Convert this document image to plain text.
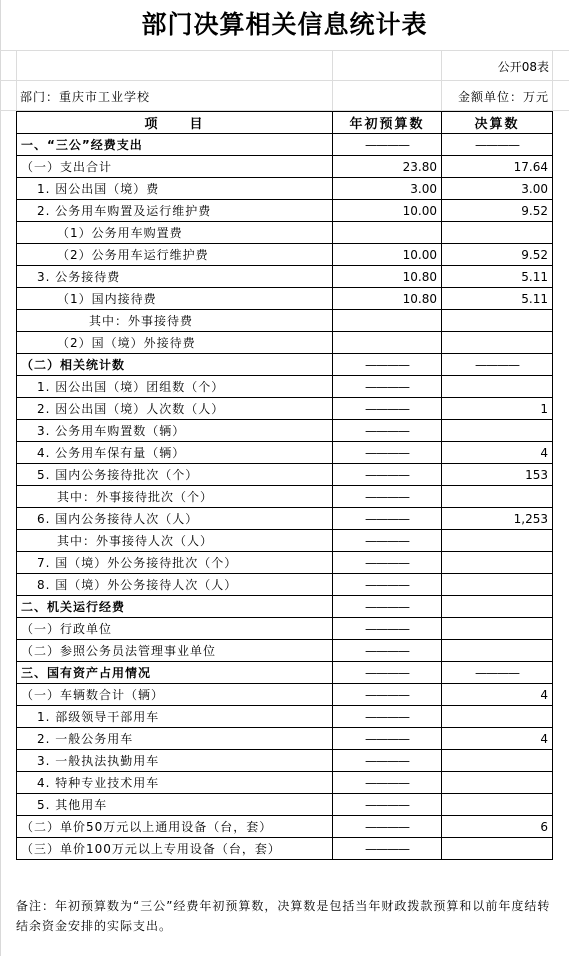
部门决算相关信息统计表
公开08表
部门：重庆市工业学校	金额单位：万元
项　　目	年初预算数	决算数
一、“三公”经费支出	————	————
（一）支出合计	23.80	17.64
1. 因公出国（境）费	3.00	3.00
2. 公务用车购置及运行维护费	10.00	9.52
（1）公务用车购置费		
（2）公务用车运行维护费	10.00	9.52
3. 公务接待费	10.80	5.11
（1）国内接待费	10.80	5.11
其中：外事接待费		
（2）国（境）外接待费		
（二）相关统计数	————	————
1. 因公出国（境）团组数（个）	————	
2. 因公出国（境）人次数（人）	————	1
3. 公务用车购置数（辆）	————	
4. 公务用车保有量（辆）	————	4
5. 国内公务接待批次（个）	————	153
其中：外事接待批次（个）	————	
6. 国内公务接待人次（人）	————	1,253
其中：外事接待人次（人）	————	
7. 国（境）外公务接待批次（个）	————	
8. 国（境）外公务接待人次（人）	————	
二、机关运行经费	————	
（一）行政单位	————	
（二）参照公务员法管理事业单位	————	
三、国有资产占用情况	————	————
（一）车辆数合计（辆）	————	4
1. 部级领导干部用车	————	
2. 一般公务用车	————	4
3. 一般执法执勤用车	————	
4. 特种专业技术用车	————	
5. 其他用车	————	
（二）单价50万元以上通用设备（台，套）	————	6
（三）单价100万元以上专用设备（台，套）	————	
备注：年初预算数为“三公”经费年初预算数，决算数是包括当年财政拨款预算和以前年度结转结余资金安排的实际支出。
